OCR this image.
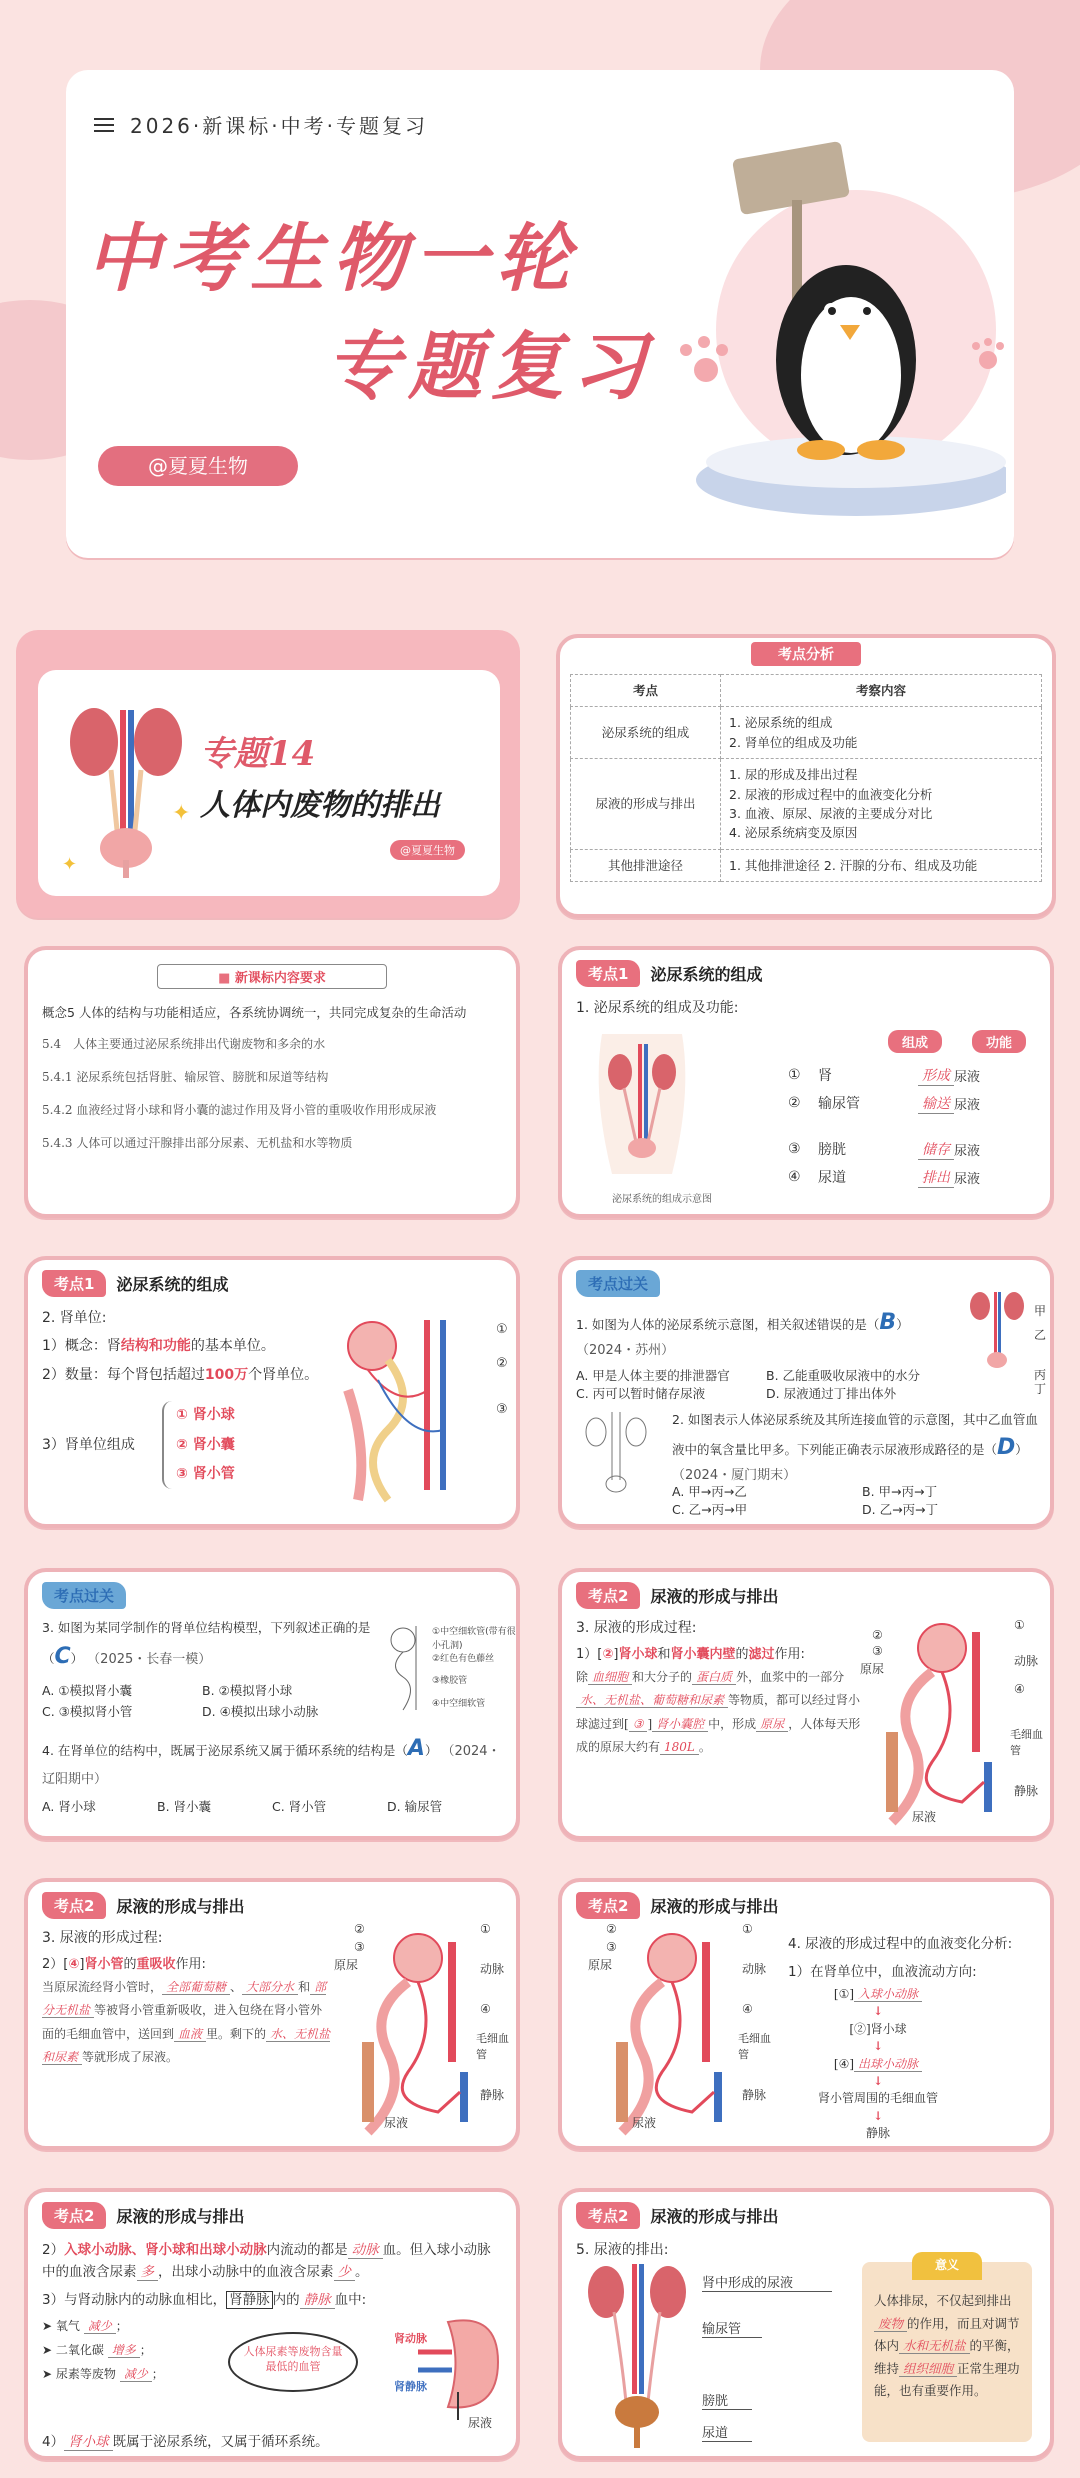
2026·新课标·中考·专题复习
中考生物一轮
专题复习
@夏夏生物
✦
✦
专题14
人体内废物的排出
@夏夏生物
考点分析
考点	考察内容
泌尿系统的组成	1. 泌尿系统的组成
2. 肾单位的组成及功能

尿液的形成与排出	1. 尿的形成及排出过程
2. 尿液的形成过程中的血液变化分析
3. 血液、原尿、尿液的主要成分对比
4. 泌尿系统病变及原因

其他排泄途径	1. 其他排泄途径 2. 汗腺的分布、组成及功能
■ 新课标内容要求
概念5 人体的结构与功能相适应，各系统协调统一，共同完成复杂的生命活动
5.4　人体主要通过泌尿系统排出代谢废物和多余的水
5.4.1 泌尿系统包括肾脏、输尿管、膀胱和尿道等结构
5.4.2 血液经过肾小球和肾小囊的滤过作用及肾小管的重吸收作用形成尿液
5.4.3 人体可以通过汗腺排出部分尿素、无机盐和水等物质
考点1	泌尿系统的组成
1. 泌尿系统的组成及功能:
泌尿系统的组成示意图
组成	功能
①	肾	形成 尿液
②	输尿管	输送 尿液
③	膀胱	储存 尿液
④	尿道	排出 尿液
考点1	泌尿系统的组成
2. 肾单位:
1）概念：肾结构和功能的基本单位。
2）数量：每个肾包括超过100万个肾单位。
3）肾单位组成
① 肾小球
② 肾小囊
③ 肾小管
①
②
③
考点过关
1. 如图为人体的泌尿系统示意图，相关叙述错误的是（B） （2024・苏州）
A. 甲是人体主要的排泄器官	B. 乙能重吸收尿液中的水分
C. 丙可以暂时储存尿液	D. 尿液通过丁排出体外
甲
乙
丙
丁
2. 如图表示人体泌尿系统及其所连接血管的示意图，其中乙血管血液中的氧含量比甲多。下列能正确表示尿液形成路径的是（D） （2024・厦门期末）
A. 甲→丙→乙	B. 甲→丙→丁
C. 乙→丙→甲	D. 乙→丙→丁
考点过关
3. 如图为某同学制作的肾单位结构模型，下列叙述正确的是（C） （2025・长春一模）
A. ①模拟肾小囊	B. ②模拟肾小球
C. ③模拟肾小管	D. ④模拟出球小动脉
①中空细软管(带有很小孔洞)
②红色有色藤丝
③橡胶管
④中空细软管
4. 在肾单位的结构中，既属于泌尿系统又属于循环系统的结构是（A） （2024・辽阳期中）
A. 肾小球	B. 肾小囊	C. 肾小管	D. 输尿管
考点2	尿液的形成与排出
3. 尿液的形成过程:
1）[②]肾小球和肾小囊内壁的滤过作用:
除 血细胞 和大分子的 蛋白质 外，血浆中的一部分水、无机盐、葡萄糖和尿素 等物质，都可以经过肾小球滤过到[ ③ ] 肾小囊腔 中，形成 原尿 ，人体每天形成的原尿大约有 180L 。
①
②
③
原尿
④
动脉
毛细血管
静脉
尿液
考点2	尿液的形成与排出
3. 尿液的形成过程:
2）[④]肾小管的重吸收作用:
当原尿流经肾小管时， 全部葡萄糖 、 大部分水 和 部分无机盐 等被肾小管重新吸收，进入包绕在肾小管外面的毛细血管中，送回到 血液 里。剩下的 水、无机盐和尿素 等就形成了尿液。
②
③
原尿
①
动脉
④
毛细血管
静脉
尿液
考点2	尿液的形成与排出
②
③
原尿
①
动脉
④
毛细血管
静脉
尿液
4. 尿液的形成过程中的血液变化分析:
1）在肾单位中，血液流动方向:
[①] 入球小动脉
↓
[②]肾小球
↓
[④] 出球小动脉
↓
肾小管周围的毛细血管
↓
静脉
考点2	尿液的形成与排出
2）入球小动脉、肾小球和出球小动脉内流动的都是 动脉 血。但入球小动脉中的血液含尿素 多 ，出球小动脉中的血液含尿素 少 。
3）与肾动脉内的动脉血相比， 肾静脉 内的 静脉 血中:
➤ 氧气 减少 ；
➤ 二氧化碳 增多 ；
➤ 尿素等废物 减少 ；
人体尿素等废物含量最低的血管
肾动脉
肾静脉
尿液
4） 肾小球 既属于泌尿系统，又属于循环系统。
考点2	尿液的形成与排出
5. 尿液的排出:
肾中形成的尿液
输尿管
膀胱
尿道
意义
人体排尿，不仅起到排出废物 的作用，而且对调节体内 水和无机盐 的平衡，维持 组织细胞 正常生理功能，也有重要作用。
